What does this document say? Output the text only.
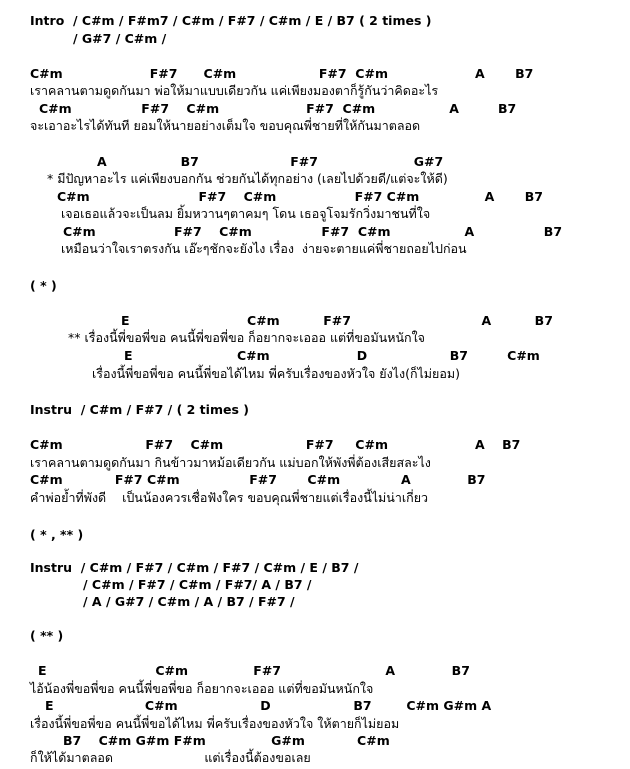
Intro  / C#m / F#m7 / C#m / F#7 / C#m / E / B7 ( 2 times )
/ G#7 / C#m /
C#m                    F#7      C#m                   F#7  C#m                    A       B7
เราคลานตามดูดกันมา พ่อให้มาแบบเดียวกัน แค่เพียงมองตาก็รู้กันว่าคิดอะไร
C#m                F#7    C#m                    F#7  C#m                 A         B7
จะเอาอะไรได้ทันที ยอมให้นายอย่างเต็มใจ ขอบคุณพี่ชายที่ให้กันมาตลอด
A                 B7                     F#7                      G#7
* มีปัญหาอะไร แค่เพียงบอกกัน ช่วยกันได้ทุกอย่าง (เลยไปด้วยดี/แต่จะให้ดี)
C#m                         F#7    C#m                  F#7 C#m               A       B7
เจอเธอแล้วจะเป็นลม ยิ้มหวานๆตาคมๆ โดน เธอจูโจมรักวิ่งมาชนที่ใจ
C#m                  F#7    C#m                F#7  C#m                 A                B7
เหมือนว่าใจเราตรงกัน เอ๊ะๆชักจะยังไง เรื่อง  ง่ายจะตายแค่พี่ชายถอยไปก่อน
( * )
E                           C#m          F#7                              A          B7
** เรื่องนี้พี่ขอพี่ขอ คนนี้พี่ขอพี่ขอ ก็อยากจะเอออ แต่ที่ขอมันหนักใจ
E                        C#m                    D                   B7         C#m
เรื่องนี้พี่ขอพี่ขอ คนนี้พี่ขอได้ไหม พี่ครับเรื่องของหัวใจ ยังไง(ก็ไม่ยอม)
Instru  / C#m / F#7 / ( 2 times )
C#m                   F#7    C#m                   F#7     C#m                    A    B7
เราคลานตามดูดกันมา กินข้าวมาหม้อเดียวกัน แม่บอกให้พังพี่ต้องเสียสละไง
C#m            F#7 C#m                F#7       C#m              A             B7
คำพ่อย้ำที่พังดี    เป็นน้องควรเชื่อฟังใคร ขอบคุณพี่ชายแต่เรื่องนี้ไม่น่าเกี่ยว
( * , ** )
Instru  / C#m / F#7 / C#m / F#7 / C#m / E / B7 /
/ C#m / F#7 / C#m / F#7/ A / B7 /
/ A / G#7 / C#m / A / B7 / F#7 /
( ** )
E                         C#m               F#7                        A             B7
ไอ้น้องพี่ขอพี่ขอ คนนี้พี่ขอพี่ขอ ก็อยากจะเอออ แต่ที่ขอมันหนักใจ
E                     C#m                   D                   B7        C#m G#m A
เรื่องนี้พี่ขอพี่ขอ คนนี้พี่ขอได้ไหม พี่ครับเรื่องของหัวใจ ให้ตายก็ไม่ยอม
B7    C#m G#m F#m               G#m            C#m
ก็ให้ได้มาตลอด                       แต่เรื่องนี้ต้องขอเลย
